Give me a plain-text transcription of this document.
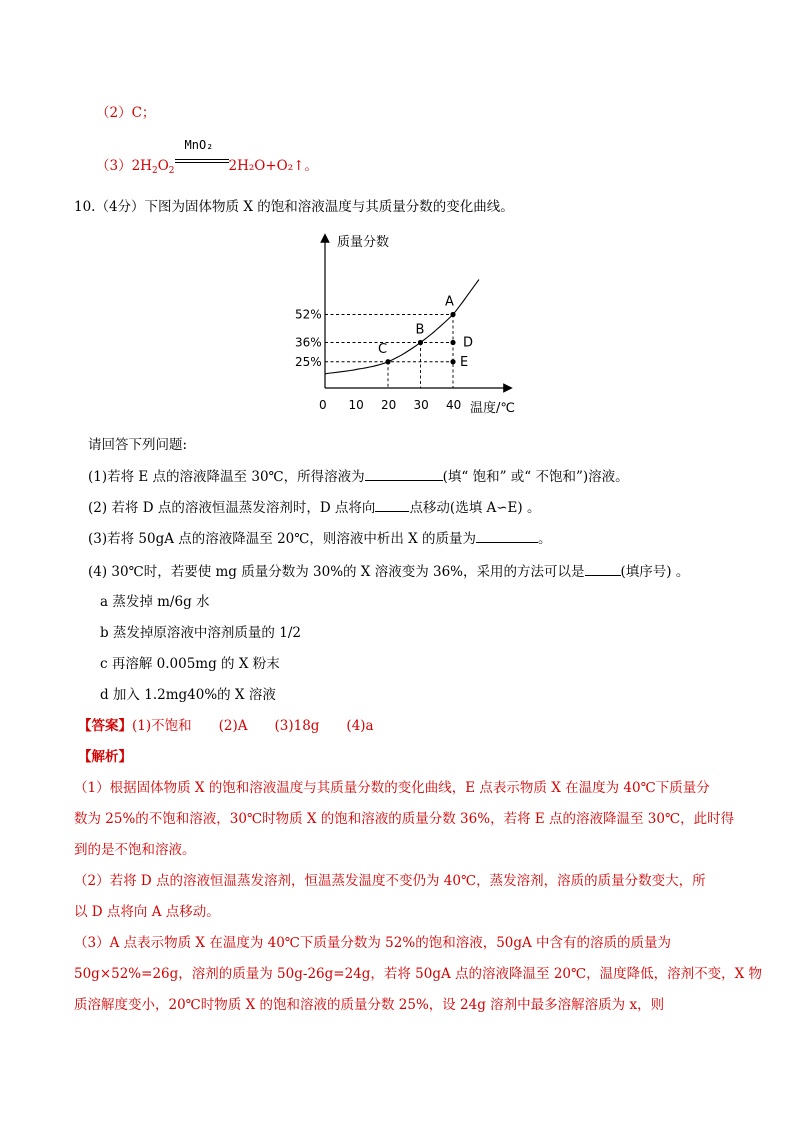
（2）C；
$(3)2H_2O_2$
MnO₂
2H₂O+O₂↑。
10.（4分）下图为固体物质 X 的饱和溶液温度与其质量分数的变化曲线。
质量分数
温度/℃
0 10 20 30 40
52%
36%
25%
A
B
C	D
E
请回答下列问题:
(1)若将 E 点的溶液降温至 30℃，所得溶液为	(填“ 饱和” 或“ 不饱和”)溶液。
(2) 若将 D 点的溶液恒温蒸发溶剂时，D 点将向	点移动(选填 A∽E) 。
(3)若将 50gA 点的溶液降温至 20℃，则溶液中析出 X 的质量为	。
(4) 30℃时，若要使 mg 质量分数为 30%的 X 溶液变为 36%，采用的方法可以是	(填序号) 。
a 蒸发掉 m/6g 水
b 蒸发掉原溶液中溶剂质量的 1/2
c 再溶解 0.005mg 的 X 粉末
d 加入 1.2mg40%的 X 溶液
【答案】(1)不饱和　　(2)A　　(3)18g　　(4)a
【解析】
（1）根据固体物质 X 的饱和溶液温度与其质量分数的变化曲线，E 点表示物质 X 在温度为 40℃下质量分
数为 25%的不饱和溶液，30℃时物质 X 的饱和溶液的质量分数 36%，若将 E 点的溶液降温至 30℃，此时得
到的是不饱和溶液。
（2）若将 D 点的溶液恒温蒸发溶剂，恒温蒸发温度不变仍为 40℃，蒸发溶剂，溶质的质量分数变大，所
以 D 点将向 A 点移动。
（3）A 点表示物质 X 在温度为 40℃下质量分数为 52%的饱和溶液，50gA 中含有的溶质的质量为
50g×52%=26g，溶剂的质量为 50g-26g=24g，若将 50gA 点的溶液降温至 20℃，温度降低，溶剂不变，X 物
质溶解度变小，20℃时物质 X 的饱和溶液的质量分数 25%，设 24g 溶剂中最多溶解溶质为 x，则
